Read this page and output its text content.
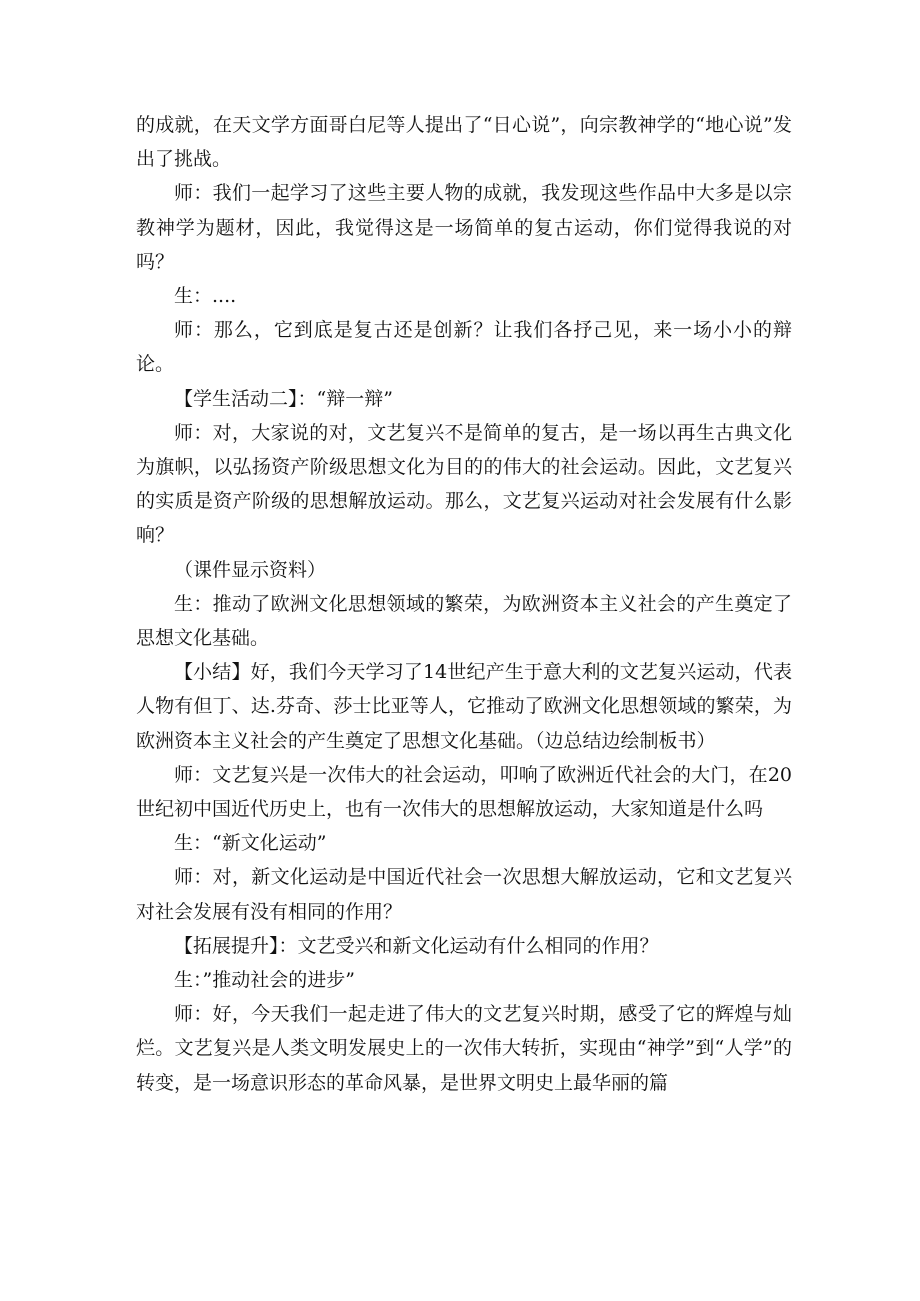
的成就，在天文学方面哥白尼等人提出了“日心说”，向宗教神学的“地心说”发出了挑战。

师：我们一起学习了这些主要人物的成就，我发现这些作品中大多是以宗教神学为题材，因此，我觉得这是一场简单的复古运动，你们觉得我说的对吗？

生：....

师：那么，它到底是复古还是创新？让我们各抒己见，来一场小小的辩论。

【学生活动二】：“辩一辩”

师：对，大家说的对，文艺复兴不是简单的复古，是一场以再生古典文化为旗帜，以弘扬资产阶级思想文化为目的的伟大的社会运动。因此，文艺复兴的实质是资产阶级的思想解放运动。那么，文艺复兴运动对社会发展有什么影响？

（课件显示资料）

生：推动了欧洲文化思想领域的繁荣，为欧洲资本主义社会的产生奠定了思想文化基础。

【小结】好，我们今天学习了14世纪产生于意大利的文艺复兴运动，代表人物有但丁、达.芬奇、莎士比亚等人，它推动了欧洲文化思想领域的繁荣，为欧洲资本主义社会的产生奠定了思想文化基础。（边总结边绘制板书）

师：文艺复兴是一次伟大的社会运动，叩响了欧洲近代社会的大门，在20世纪初中国近代历史上，也有一次伟大的思想解放运动，大家知道是什么吗

生：“新文化运动”

师：对，新文化运动是中国近代社会一次思想大解放运动，它和文艺复兴对社会发展有没有相同的作用？

【拓展提升】：文艺受兴和新文化运动有什么相同的作用？

生：”推动社会的进步”

师：好，今天我们一起走进了伟大的文艺复兴时期，感受了它的辉煌与灿烂。文艺复兴是人类文明发展史上的一次伟大转折，实现由“神学”到“人学”的转变，是一场意识形态的革命风暴，是世界文明史上最华丽的篇
